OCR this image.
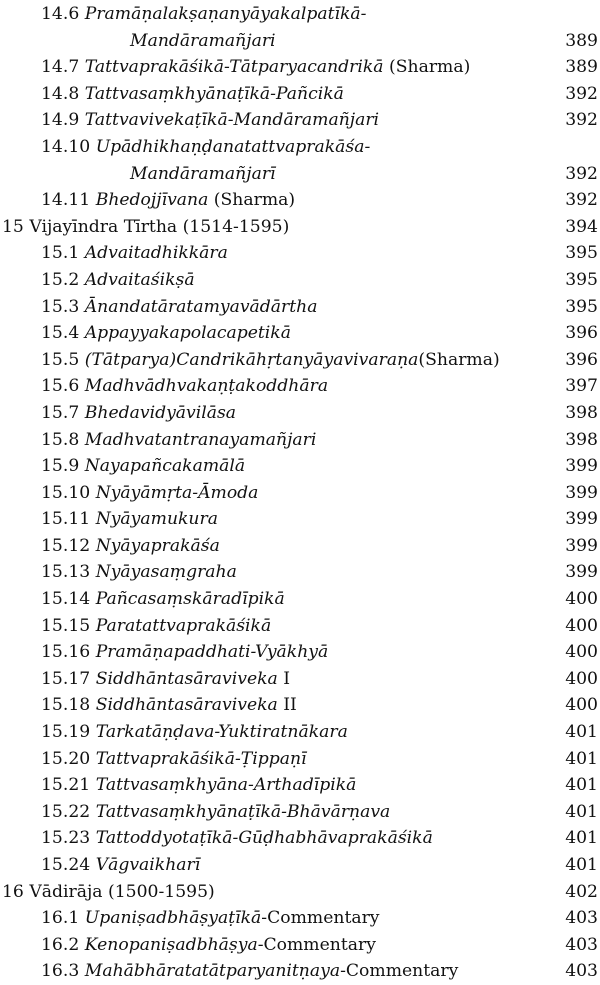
14.6 Pramāṇalakṣaṇanyāyakalpatīkā-
Mandāramañjari	389
14.7 Tattvaprakāśikā-Tātparyacandrikā (Sharma)	389
14.8 Tattvasaṃkhyānaṭīkā-Pañcikā	392
14.9 Tattvavivekaṭīkā-Mandāramañjari	392
14.10 Upādhikhaṇḍanatattvaprakāśa-
Mandāramañjarī	392
14.11 Bhedojjīvana (Sharma)	392
15 Vijayīndra Tīrtha (1514-1595)	394
15.1 Advaitadhikkāra	395
15.2 Advaitaśikṣā	395
15.3 Ānandatāratamyavādārtha	395
15.4 Appayyakapolacapetikā	396
15.5 (Tātparya)Candrikāhṛtanyāyavivaraṇa(Sharma)	396
15.6 Madhvādhvakaṇṭakoddhāra	397
15.7 Bhedavidyāvilāsa	398
15.8 Madhvatantranayamañjari	398
15.9 Nayapañcakamālā	399
15.10 Nyāyāmṛta-Āmoda	399
15.11 Nyāyamukura	399
15.12 Nyāyaprakāśa	399
15.13 Nyāyasaṃgraha	399
15.14 Pañcasaṃskāradīpikā	400
15.15 Paratattvaprakāśikā	400
15.16 Pramāṇapaddhati-Vyākhyā	400
15.17 Siddhāntasāraviveka I	400
15.18 Siddhāntasāraviveka II	400
15.19 Tarkatāṇḍava-Yuktiratnākara	401
15.20 Tattvaprakāśikā-Ṭippaṇī	401
15.21 Tattvasaṃkhyāna-Arthadīpikā	401
15.22 Tattvasaṃkhyānaṭīkā-Bhāvārṇava	401
15.23 Tattoddyotaṭīkā-Gūḍhabhāvaprakāśikā	401
15.24 Vāgvaikharī	401
16 Vādirāja (1500-1595)	402
16.1 Upaniṣadbhāṣyaṭīkā-Commentary	403
16.2 Kenopaniṣadbhāṣya-Commentary	403
16.3 Mahābhāratatātparyanitṇaya-Commentary	403
